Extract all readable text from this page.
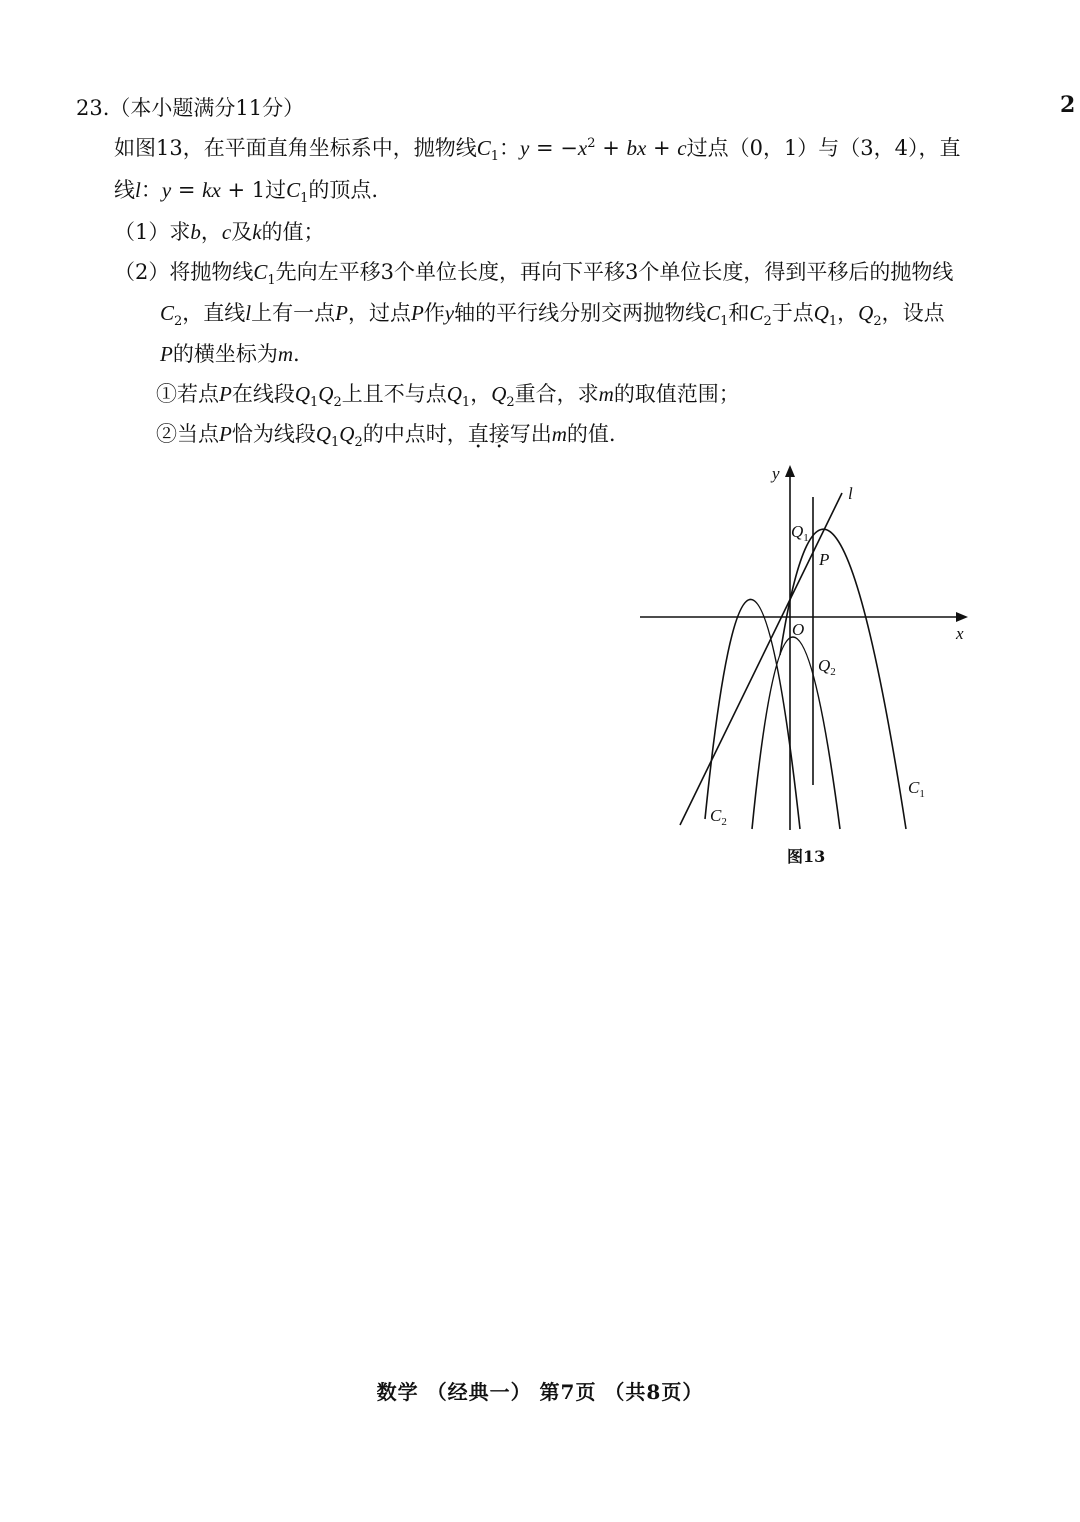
2
23.（本小题满分11分）
如图13，在平面直角坐标系中，抛物线$C_1$：$y = -x^2$ + bx + c过点（0，1）与（3，4），直
线l：y = kx + 1过$C_1$的顶点.
（1）求b，c及k的值；
（2）将抛物线$C_1$先向左平移3个单位长度，再向下平移3个单位长度，得到平移后的抛物线
$C_2$，直线l上有一点P，过点P作y轴的平行线分别交两抛物线$C_1$和$C_2$于点$Q_1$，$Q_2$，设点
P的横坐标为m.
①若点P在线段$Q_1Q_2$上且不与点$Q_1$，$Q_2$重合，求m的取值范围；
②当点P恰为线段$Q_1Q_2$的中点时，直接写出m的值.
y
x
l
O
P
$Q_1$
$Q_2$
$C_1$
$C_2$
图13
数学 （经典一） 第7页 （共8页）
